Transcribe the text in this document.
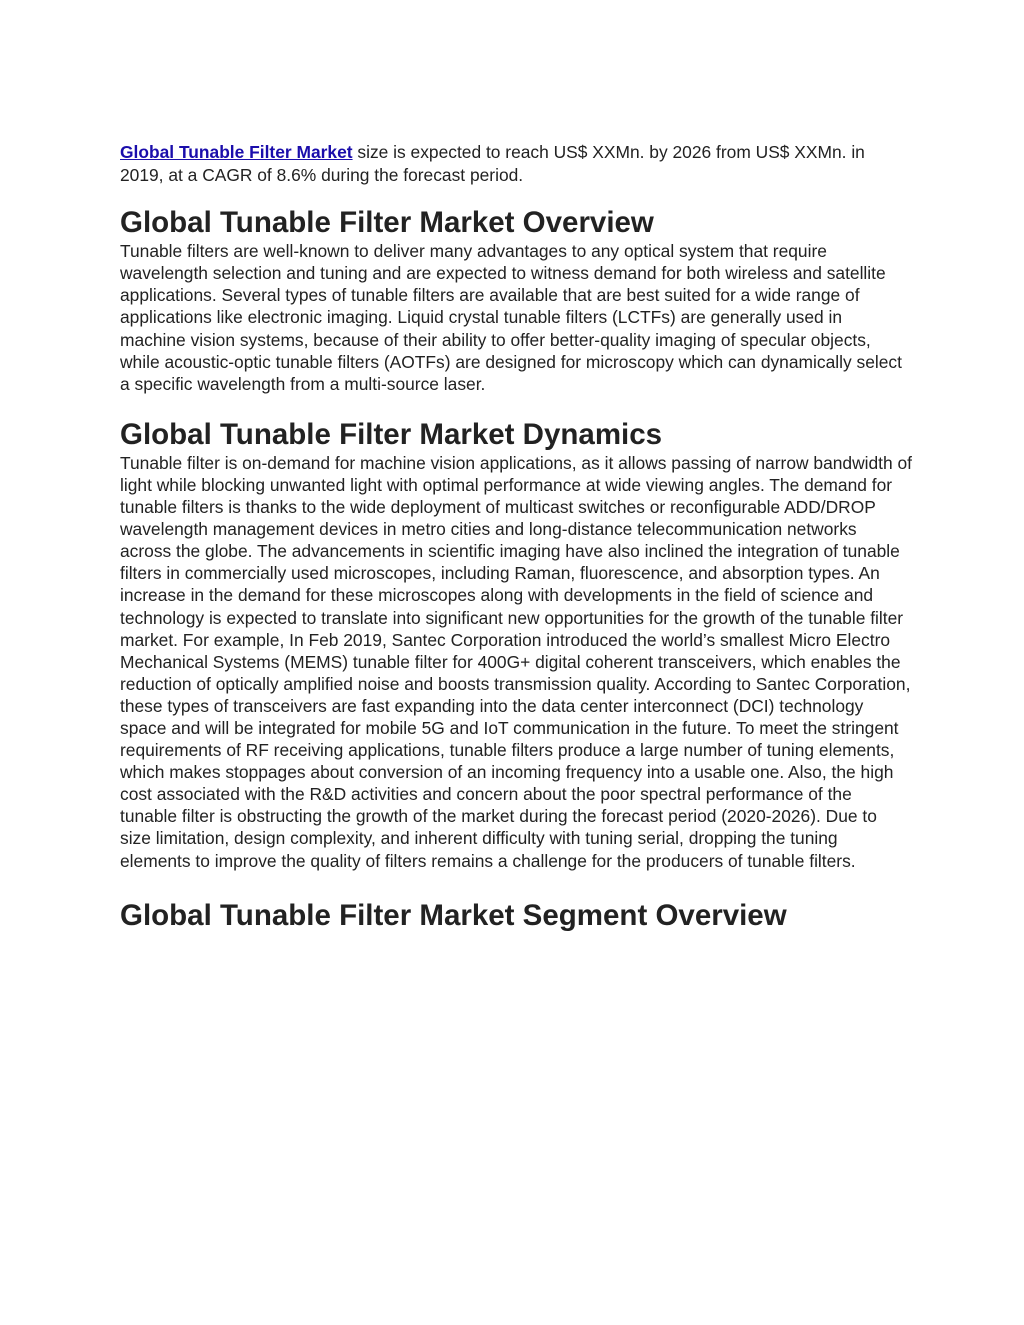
Global Tunable Filter Market size is expected to reach US$ XXMn. by 2026 from US$ XXMn. in 2019, at a CAGR of 8.6% during the forecast period.

Global Tunable Filter Market Overview

Tunable filters are well-known to deliver many advantages to any optical system that require wavelength selection and tuning and are expected to witness demand for both wireless and satellite applications. Several types of tunable filters are available that are best suited for a wide range of applications like electronic imaging. Liquid crystal tunable filters (LCTFs) are generally used in machine vision systems, because of their ability to offer better-quality imaging of specular objects, while acoustic-optic tunable filters (AOTFs) are designed for microscopy which can dynamically select a specific wavelength from a multi-source laser.

Global Tunable Filter Market Dynamics

Tunable filter is on-demand for machine vision applications, as it allows passing of narrow bandwidth of light while blocking unwanted light with optimal performance at wide viewing angles. The demand for tunable filters is thanks to the wide deployment of multicast switches or reconfigurable ADD/DROP wavelength management devices in metro cities and long-distance telecommunication networks across the globe. The advancements in scientific imaging have also inclined the integration of tunable filters in commercially used microscopes, including Raman, fluorescence, and absorption types. An increase in the demand for these microscopes along with developments in the field of science and technology is expected to translate into significant new opportunities for the growth of the tunable filter market. For example, In Feb 2019, Santec Corporation introduced the world’s smallest Micro Electro Mechanical Systems (MEMS) tunable filter for 400G+ digital coherent transceivers, which enables the reduction of optically amplified noise and boosts transmission quality. According to Santec Corporation, these types of transceivers are fast expanding into the data center interconnect (DCI) technology space and will be integrated for mobile 5G and IoT communication in the future. To meet the stringent requirements of RF receiving applications, tunable filters produce a large number of tuning elements, which makes stoppages about conversion of an incoming frequency into a usable one. Also, the high cost associated with the R&D activities and concern about the poor spectral performance of the tunable filter is obstructing the growth of the market during the forecast period (2020-2026). Due to size limitation, design complexity, and inherent difficulty with tuning serial, dropping the tuning elements to improve the quality of filters remains a challenge for the producers of tunable filters.

Global Tunable Filter Market Segment Overview
